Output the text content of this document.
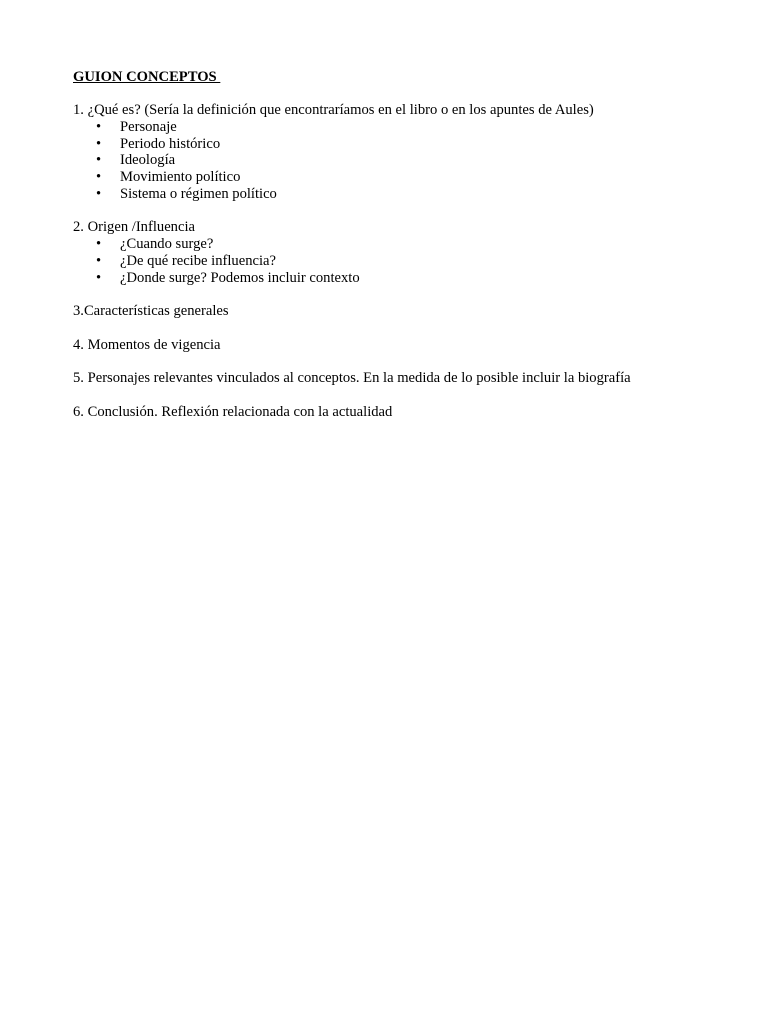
GUION CONCEPTOS

1. ¿Qué es? (Sería la definición que encontraríamos en el libro o en los apuntes de Aules)

• Personaje
• Periodo histórico
• Ideología
• Movimiento político
• Sistema o régimen político

2. Origen /Influencia

• ¿Cuando surge?
• ¿De qué recibe influencia?
• ¿Donde surge? Podemos incluir contexto

3.Características generales

4. Momentos de vigencia

5. Personajes relevantes vinculados al conceptos. En la medida de lo posible incluir la biografía

6. Conclusión. Reflexión relacionada con la actualidad
